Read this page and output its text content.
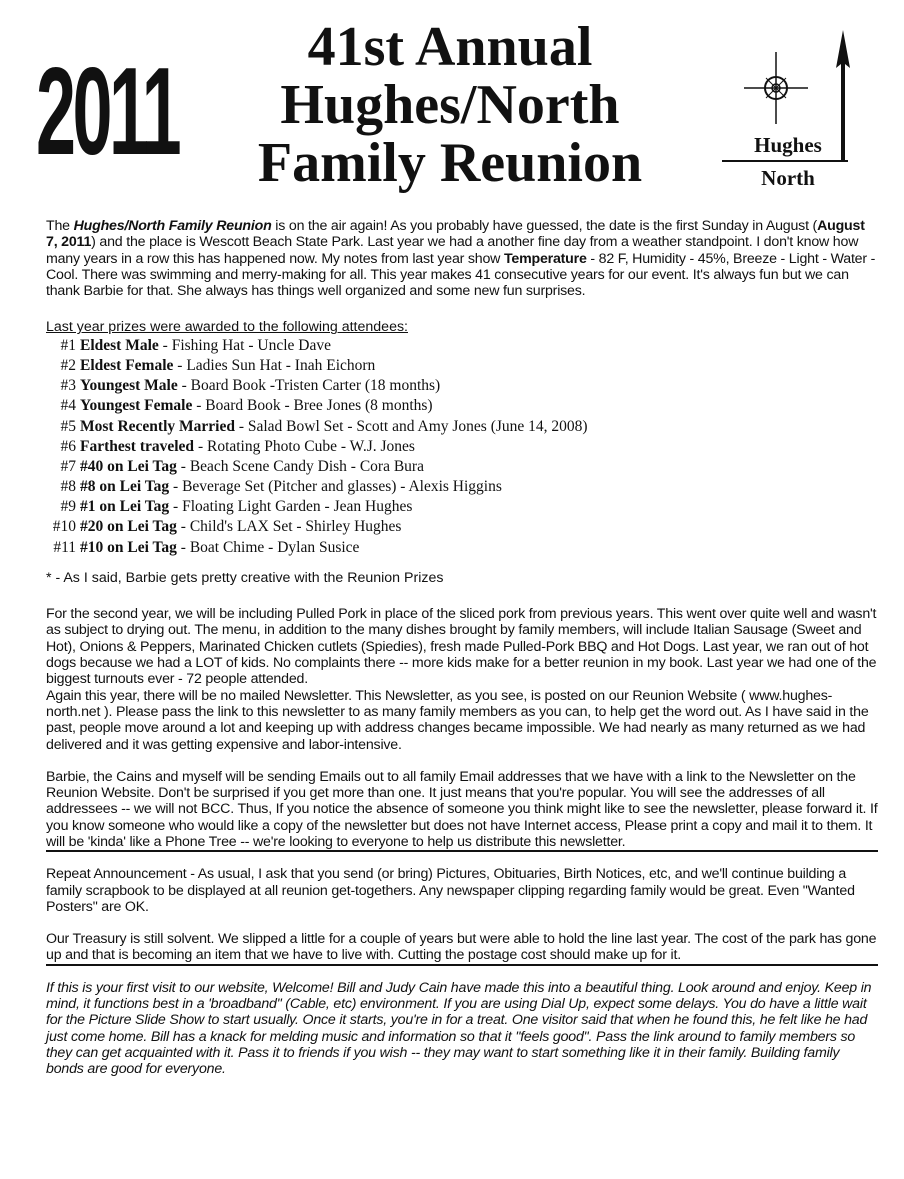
2011	41st Annual
Hughes/North
Family Reunion	Hughes
North

The Hughes/North Family Reunion is on the air again! As you probably have guessed, the date is the first Sunday in August (August 7, 2011) and the place is Wescott Beach State Park. Last year we had a another fine day from a weather standpoint. I don't know how many years in a row this has happened now. My notes from last year show Temperature - 82 F, Humidity - 45%, Breeze - Light - Water - Cool. There was swimming and merry-making for all. This year makes 41 consecutive years for our event. It's always fun but we can thank Barbie for that. She always has things well organized and some new fun surprises.

Last year prizes were awarded to the following attendees:

#1 Eldest Male - Fishing Hat - Uncle Dave
#2 Eldest Female - Ladies Sun Hat - Inah Eichorn
#3 Youngest Male - Board Book -Tristen Carter (18 months)
#4 Youngest Female - Board Book - Bree Jones (8 months)
#5 Most Recently Married - Salad Bowl Set - Scott and Amy Jones (June 14, 2008)
#6 Farthest traveled - Rotating Photo Cube - W.J. Jones
#7 #40 on Lei Tag - Beach Scene Candy Dish - Cora Bura
#8 #8 on Lei Tag - Beverage Set (Pitcher and glasses) - Alexis Higgins
#9 #1 on Lei Tag - Floating Light Garden - Jean Hughes
#10 #20 on Lei Tag - Child's LAX Set - Shirley Hughes
#11 #10 on Lei Tag - Boat Chime - Dylan Susice

* - As I said, Barbie gets pretty creative with the Reunion Prizes

For the second year, we will be including Pulled Pork in place of the sliced pork from previous years. This went over quite well and wasn't as subject to drying out. The menu, in addition to the many dishes brought by family members, will include Italian Sausage (Sweet and Hot), Onions & Peppers, Marinated Chicken cutlets (Spiedies), fresh made Pulled-Pork BBQ and Hot Dogs. Last year, we ran out of hot dogs because we had a LOT of kids. No complaints there -- more kids make for a better reunion in my book. Last year we had one of the biggest turnouts ever - 72 people attended.

Again this year, there will be no mailed Newsletter. This Newsletter, as you see, is posted on our Reunion Website ( www.hughes-north.net ). Please pass the link to this newsletter to as many family members as you can, to help get the word out. As I have said in the past, people move around a lot and keeping up with address changes became impossible. We had nearly as many returned as we had delivered and it was getting expensive and labor-intensive.

Barbie, the Cains and myself will be sending Emails out to all family Email addresses that we have with a link to the Newsletter on the Reunion Website. Don't be surprised if you get more than one. It just means that you're popular. You will see the addresses of all addressees -- we will not BCC. Thus, If you notice the absence of someone you think might like to see the newsletter, please forward it. If you know someone who would like a copy of the newsletter but does not have Internet access, Please print a copy and mail it to them. It will be 'kinda' like a Phone Tree -- we're looking to everyone to help us distribute this newsletter.

Repeat Announcement - As usual, I ask that you send (or bring) Pictures, Obituaries, Birth Notices, etc, and we'll continue building a family scrapbook to be displayed at all reunion get-togethers. Any newspaper clipping regarding family would be great. Even "Wanted Posters" are OK.

Our Treasury is still solvent. We slipped a little for a couple of years but were able to hold the line last year. The cost of the park has gone up and that is becoming an item that we have to live with. Cutting the postage cost should make up for it.

If this is your first visit to our website, Welcome! Bill and Judy Cain have made this into a beautiful thing. Look around and enjoy. Keep in mind, it functions best in a 'broadband" (Cable, etc) environment. If you are using Dial Up, expect some delays. You do have a little wait for the Picture Slide Show to start usually. Once it starts, you're in for a treat. One visitor said that when he found this, he felt like he had just come home. Bill has a knack for melding music and information so that it "feels good". Pass the link around to family members so they can get acquainted with it. Pass it to friends if you wish -- they may want to start something like it in their family. Building family bonds are good for everyone.
